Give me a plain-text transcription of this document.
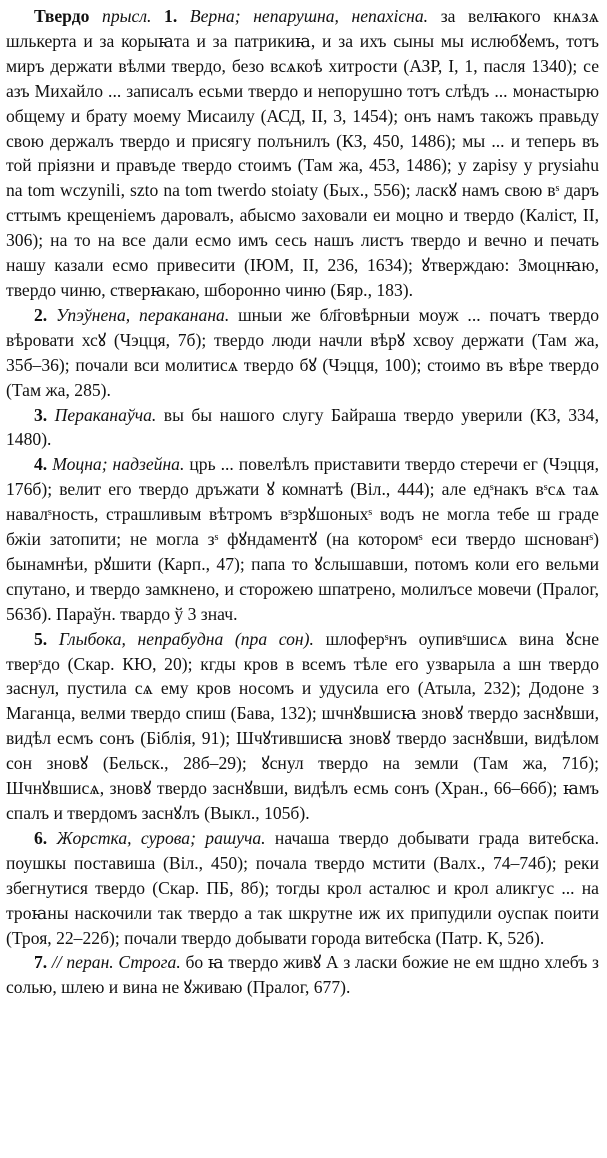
Твердо прысл. 1. Верна; непарушна, непахiсна. за велꙗкого кнѧзѧ шлькерта и за корыꙗта и за патрикиꙗ, и за ихъ сыны мы ислюбꙋемъ, тотъ миръ держати вѣлми твердо, безо всѧкоѣ хитрости (АЗР, I, 1, пасля 1340); се азъ Михайло ... записалъ есьми твердо и непорушно тотъ слѣдъ ... монастырю общему и брату моему Мисаилу (АСД, II, 3, 1454); онъ намъ такожъ правьду свою держалъ твердо и присягу полънилъ (КЗ, 450, 1486); мы ... и теперь въ той прiязни и правъде твердо стоимъ (Там жа, 453, 1486); y zapisy y prysiahu na tom wczynili, szto na tom twerdo stoiaty (Бых., 556); ласкꙋ намъ свою вˢ даръ сттымъ крещенiемъ даровалъ, абысмо заховали еи моцно и твердо (Калiст, II, 306); на то на все дали есмо имъ сесь нашъ листъ твердо и вечно и печать нашу казали есмо привесити (IЮМ, II, 236, 1634); ꙋтверждаю: Змоцнꙗю, твердо чиню, стверꙗкаю, шборонно чиню (Бяр., 183).

2. Упэўнена, пераканана. шныи же бл҃говѣрныи моуж ... початъ твердо вѣровати хсꙋ (Чэцця, 7б); твердо люди начли вѣрꙋ хсвоу держати (Там жа, 35б–36); почали вси молитисѧ твердо бꙋ (Чэцця, 100); стоимо въ вѣре твердо (Там жа, 285).

3. Пераканаўча. вы бы нашого слугу Байраша твердо уверили (КЗ, 334, 1480).

4. Моцна; надзейна. црь ... повелѣлъ приставити твердо стеречи ег (Чэцця, 176б); велит его твердо дръжати ꙋ комнатѣ (Вiл., 444); але едˢнакъ вˢсѧ таѧ навалˢность, страшливым вѣтромъ вˢзрꙋшоныхˢ водъ не могла тебе ш граде бжiи затопити; не могла зˢ фꙋндаментꙋ (на которомˢ еси твердо шснованˢ) бынамнѣи, рꙋшити (Карп., 47); папа то ꙋслышавши, потомъ коли его вельми спутано, и твердо замкнено, и сторожею шпатрено, молилъсе мовечи (Пралог, 563б). Параўн. твардо ў 3 знач.

5. Глыбока, непрабудна (пра сон). шлоферˢнъ оупивˢшисѧ вина ꙋсне тверˢдо (Скар. КЮ, 20); кгды кров в всемъ тѣле его узварыла а шн твердо заснул, пустила сѧ ему кров носомъ и удусила его (Атыла, 232); Додоне з Маганца, велми твердо спиш (Бава, 132); шчнꙋвшисꙗ зновꙋ твердо заснꙋвши, видѣл есмъ сонъ (Бiблiя, 91); Шчꙋтившисꙗ зновꙋ твердо заснꙋвши, видѣлом сон зновꙋ (Бельск., 28б–29); ꙋснул твердо на земли (Там жа, 71б); Шчнꙋвшисѧ, зновꙋ твердо заснꙋвши, видѣлъ есмь сонъ (Хран., 66–66б); ꙗмъ спалъ и твердомъ заснꙋлъ (Выкл., 105б).

6. Жорстка, сурова; рашуча. начаша твердо добывати града витебска. поушкы поставиша (Вiл., 450); почала твердо мстити (Валх., 74–74б); реки збегнутися твердо (Скар. ПБ, 8б); тогды крол асталюс и крол аликгус ... на троꙗны наскочили так твердо а так шкрутне иж их припудили оуспак поити (Троя, 22–22б); почали твердо добывати города витебска (Патр. К, 52б).

7. // перан. Строга. бо ꙗ твердо живꙋ А з ласки божие не ем шдно хлебъ з солью, шлею и вина не ꙋживаю (Пралог, 677).
